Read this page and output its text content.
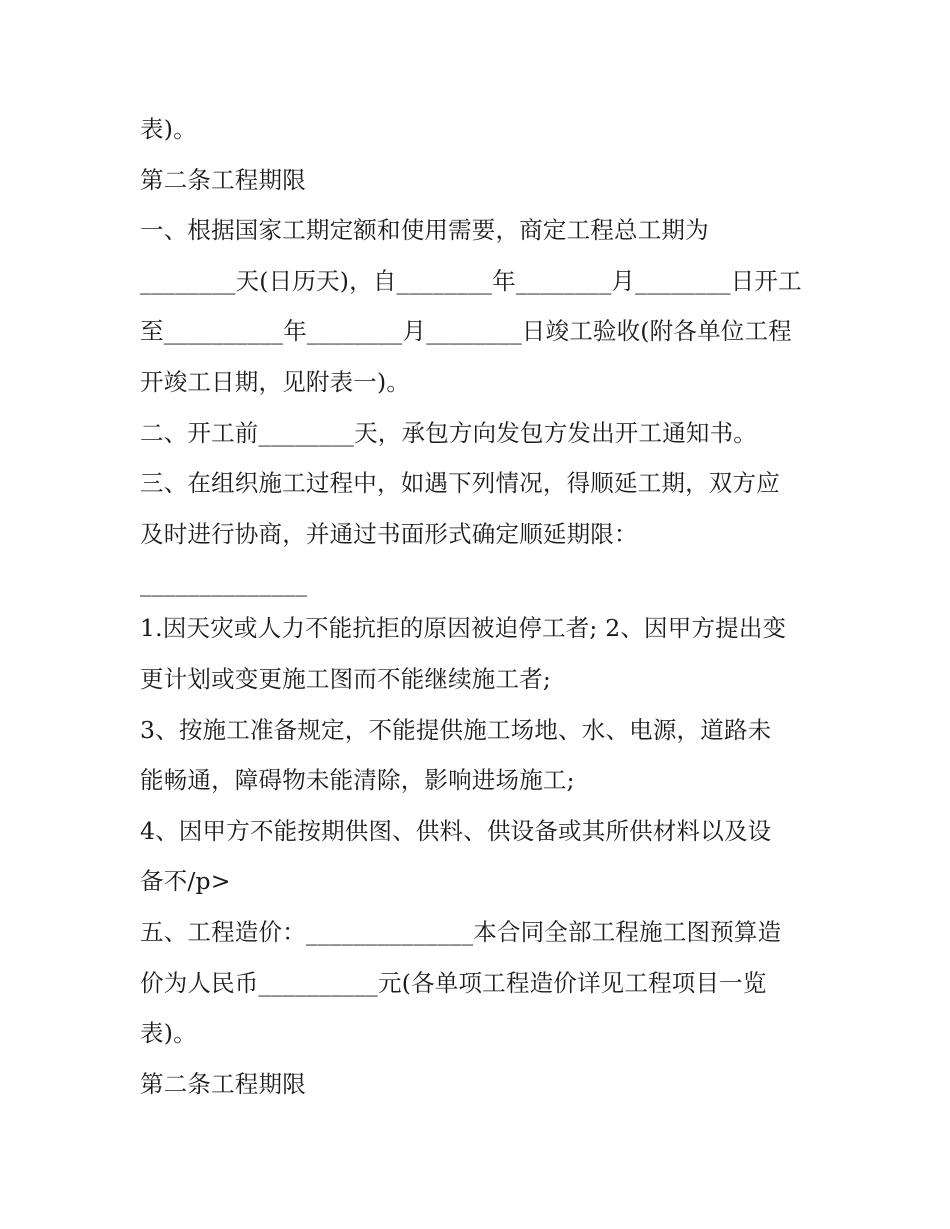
表)。

第二条工程期限

一、根据国家工期定额和使用需要，商定工程总工期为

________天(日历天)，自________年________月________日开工

至__________年________月________日竣工验收(附各单位工程

开竣工日期，见附表一)。

二、开工前________天，承包方向发包方发出开工通知书。

三、在组织施工过程中，如遇下列情况，得顺延工期，双方应

及时进行协商，并通过书面形式确定顺延期限：

______________

1.因天灾或人力不能抗拒的原因被迫停工者; 2、因甲方提出变

更计划或变更施工图而不能继续施工者;

3、按施工准备规定，不能提供施工场地、水、电源，道路未

能畅通，障碍物未能清除，影响进场施工;

4、因甲方不能按期供图、供料、供设备或其所供材料以及设

备不/p>

五、工程造价：______________本合同全部工程施工图预算造

价为人民币__________元(各单项工程造价详见工程项目一览

表)。

第二条工程期限
